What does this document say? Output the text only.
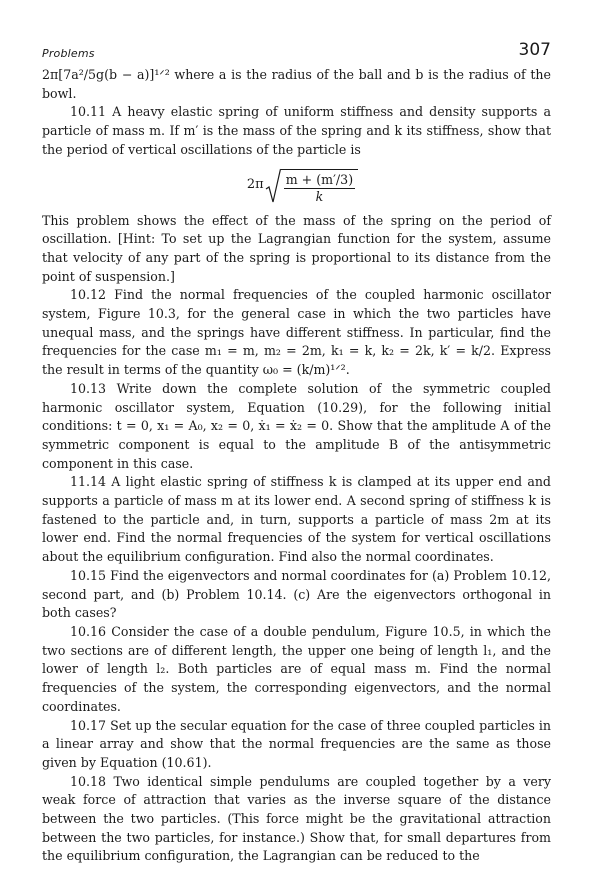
Problems	307

2π[7a²/5g(b − a)]¹ᐟ² where a is the radius of the ball and b is the radius of the bowl.

10.11 A heavy elastic spring of uniform stiffness and density supports a particle of mass m. If m′ is the mass of the spring and k its stiffness, show that the period of vertical oscillations of the particle is

$2\pi \frac{m + (m'/3)}{k}$

This problem shows the effect of the mass of the spring on the period of oscillation. [Hint: To set up the Lagrangian function for the system, assume that velocity of any part of the spring is proportional to its distance from the point of suspension.]

10.12 Find the normal frequencies of the coupled harmonic oscillator system, Figure 10.3, for the general case in which the two particles have unequal mass, and the springs have different stiffness. In particular, find the frequencies for the case m₁ = m, m₂ = 2m, k₁ = k, k₂ = 2k, k′ = k/2. Express the result in terms of the quantity ω₀ = (k/m)¹ᐟ².

10.13 Write down the complete solution of the symmetric coupled harmonic oscillator system, Equation (10.29), for the following initial conditions: t = 0, x₁ = A₀, x₂ = 0, ẋ₁ = ẋ₂ = 0. Show that the amplitude A of the symmetric component is equal to the amplitude B of the antisymmetric component in this case.

11.14 A light elastic spring of stiffness k is clamped at its upper end and supports a particle of mass m at its lower end. A second spring of stiffness k is fastened to the particle and, in turn, supports a particle of mass 2m at its lower end. Find the normal frequencies of the system for vertical oscillations about the equilibrium configuration. Find also the normal coordinates.

10.15 Find the eigenvectors and normal coordinates for (a) Problem 10.12, second part, and (b) Problem 10.14. (c) Are the eigenvectors orthogonal in both cases?

10.16 Consider the case of a double pendulum, Figure 10.5, in which the two sections are of different length, the upper one being of length l₁, and the lower of length l₂. Both particles are of equal mass m. Find the normal frequencies of the system, the corresponding eigenvectors, and the normal coordinates.

10.17 Set up the secular equation for the case of three coupled particles in a linear array and show that the normal frequencies are the same as those given by Equation (10.61).

10.18 Two identical simple pendulums are coupled together by a very weak force of attraction that varies as the inverse square of the distance between the two particles. (This force might be the gravitational attraction between the two particles, for instance.) Show that, for small departures from the equilibrium configuration, the Lagrangian can be reduced to the
